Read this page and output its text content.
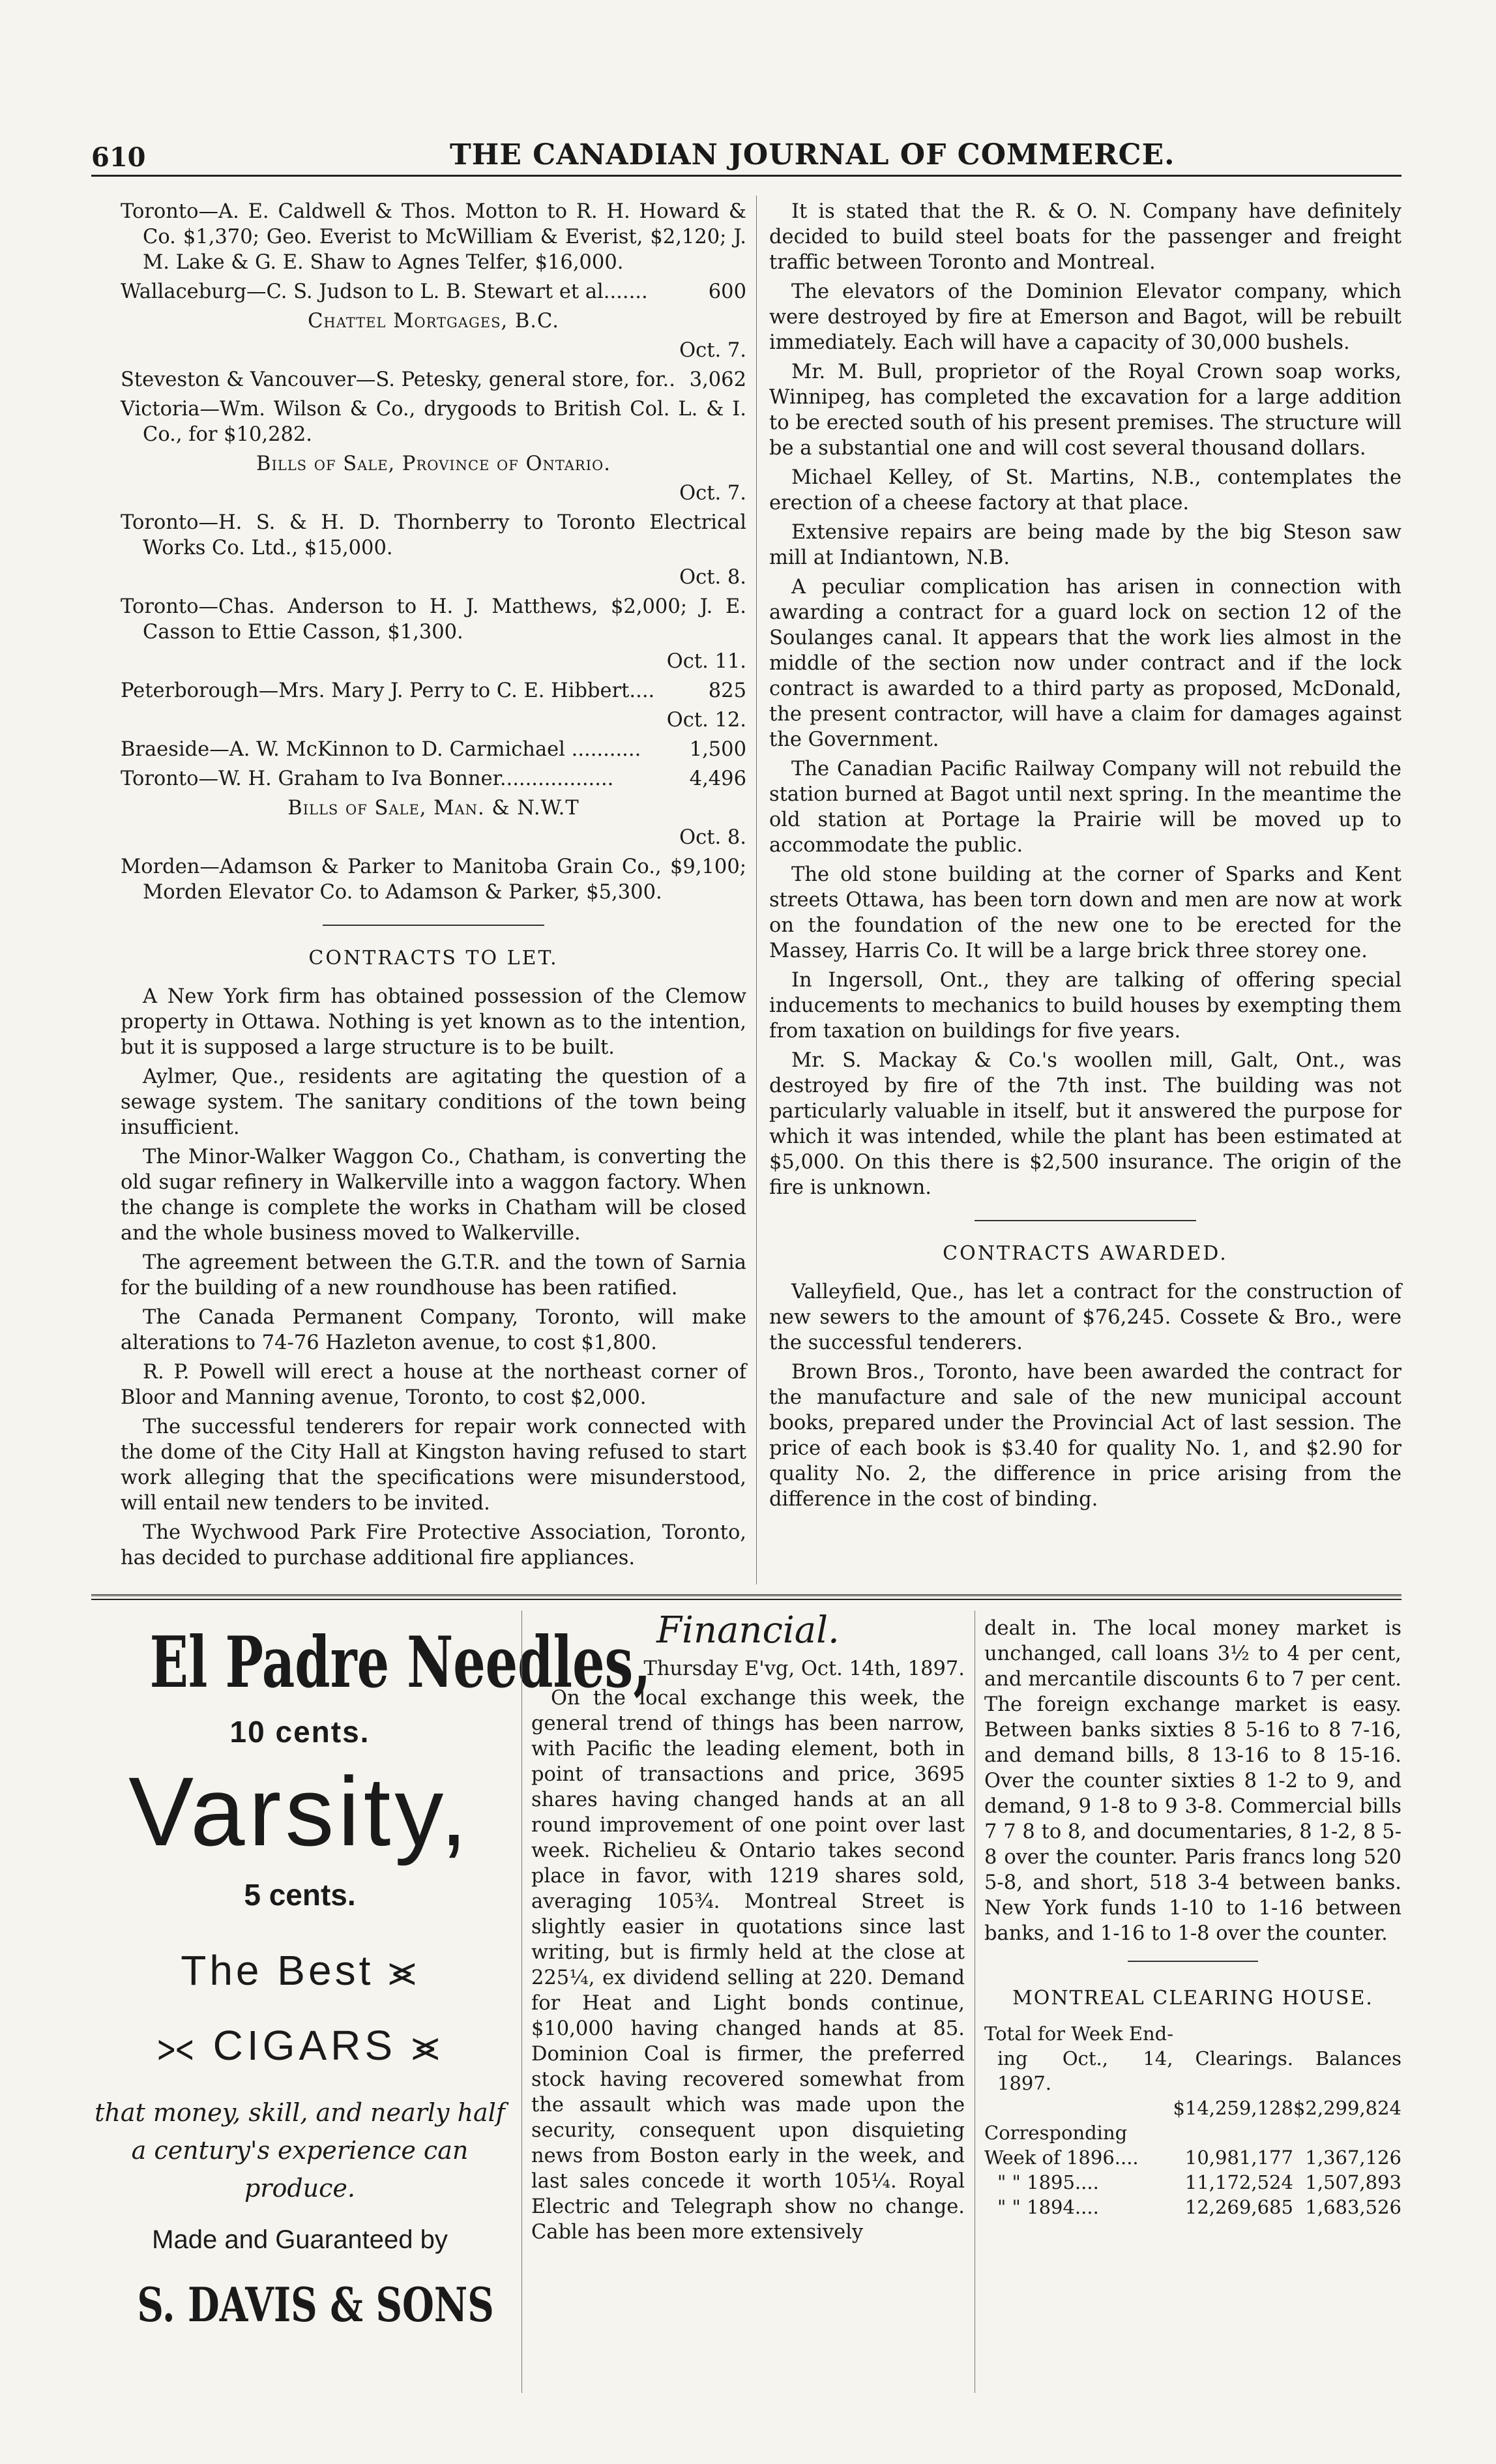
610	THE CANADIAN JOURNAL OF COMMERCE.

Toronto—A. E. Caldwell & Thos. Motton to R. H. Howard & Co. $1,370; Geo. Everist to McWilliam & Everist, $2,120; J. M. Lake & G. E. Shaw to Agnes Telfer, $16,000.

Wallaceburg—C. S. Judson to L. B. Stewart et al.......	600

Chattel Mortgages, B.C.

Oct. 7.

Steveston & Vancouver—S. Petesky, general store, for.. 3,062

Victoria—Wm. Wilson & Co., drygoods to British Col. L. & I. Co., for $10,282.

Bills of Sale, Province of Ontario.

Oct. 7.

Toronto—H. S. & H. D. Thornberry to Toronto Electrical Works Co. Ltd., $15,000.

Oct. 8.

Toronto—Chas. Anderson to H. J. Matthews, $2,000; J. E. Casson to Ettie Casson, $1,300.

Oct. 11.

Peterborough—Mrs. Mary J. Perry to C. E. Hibbert....	825

Oct. 12.

Braeside—A. W. McKinnon to D. Carmichael ...........	1,500

Toronto—W. H. Graham to Iva Bonner..................	4,496

Bills of Sale, Man. & N.W.T

Oct. 8.

Morden—Adamson & Parker to Manitoba Grain Co., $9,100; Morden Elevator Co. to Adamson & Parker, $5,300.

CONTRACTS TO LET.

A New York firm has obtained possession of the Clemow property in Ottawa. Nothing is yet known as to the intention, but it is supposed a large structure is to be built.

Aylmer, Que., residents are agitating the question of a sewage system. The sanitary conditions of the town being insufficient.

The Minor-Walker Waggon Co., Chatham, is converting the old sugar refinery in Walkerville into a waggon factory. When the change is complete the works in Chatham will be closed and the whole business moved to Walkerville.

The agreement between the G.T.R. and the town of Sarnia for the building of a new roundhouse has been ratified.

The Canada Permanent Company, Toronto, will make alterations to 74-76 Hazleton avenue, to cost $1,800.

R. P. Powell will erect a house at the northeast corner of Bloor and Manning avenue, Toronto, to cost $2,000.

The successful tenderers for repair work connected with the dome of the City Hall at Kingston having refused to start work alleging that the specifications were misunderstood, will entail new tenders to be invited.

The Wychwood Park Fire Protective Association, Toronto, has decided to purchase additional fire appliances.

It is stated that the R. & O. N. Company have definitely decided to build steel boats for the passenger and freight traffic between Toronto and Montreal.

The elevators of the Dominion Elevator company, which were destroyed by fire at Emerson and Bagot, will be rebuilt immediately. Each will have a capacity of 30,000 bushels.

Mr. M. Bull, proprietor of the Royal Crown soap works, Winnipeg, has completed the excavation for a large addition to be erected south of his present premises. The structure will be a substantial one and will cost several thousand dollars.

Michael Kelley, of St. Martins, N.B., contemplates the erection of a cheese factory at that place.

Extensive repairs are being made by the big Steson saw mill at Indiantown, N.B.

A peculiar complication has arisen in connection with awarding a contract for a guard lock on section 12 of the Soulanges canal. It appears that the work lies almost in the middle of the section now under contract and if the lock contract is awarded to a third party as proposed, McDonald, the present contractor, will have a claim for damages against the Government.

The Canadian Pacific Railway Company will not rebuild the station burned at Bagot until next spring. In the meantime the old station at Portage la Prairie will be moved up to accommodate the public.

The old stone building at the corner of Sparks and Kent streets Ottawa, has been torn down and men are now at work on the foundation of the new one to be erected for the Massey, Harris Co. It will be a large brick three storey one.

In Ingersoll, Ont., they are talking of offering special inducements to mechanics to build houses by exempting them from taxation on buildings for five years.

Mr. S. Mackay & Co.'s woollen mill, Galt, Ont., was destroyed by fire of the 7th inst. The building was not particularly valuable in itself, but it answered the purpose for which it was intended, while the plant has been estimated at $5,000. On this there is $2,500 insurance. The origin of the fire is unknown.

CONTRACTS AWARDED.

Valleyfield, Que., has let a contract for the construction of new sewers to the amount of $76,245. Cossete & Bro., were the successful tenderers.

Brown Bros., Toronto, have been awarded the contract for the manufacture and sale of the new municipal account books, prepared under the Provincial Act of last session. The price of each book is $3.40 for quality No. 1, and $2.90 for quality No. 2, the difference in price arising from the difference in the cost of binding.

El Padre Needles,
10 cents.
Varsity,
5 cents.
The Best ⪤
⪥ CIGARS ⪤
that money, skill, and nearly half a century's experience can produce.
Made and Guaranteed by
S. DAVIS & SONS
Financial.

Thursday E'vg, Oct. 14th, 1897.

On the local exchange this week, the general trend of things has been narrow, with Pacific the leading element, both in point of transactions and price, 3695 shares having changed hands at an all round improvement of one point over last week. Richelieu & Ontario takes second place in favor, with 1219 shares sold, averaging 105¾. Montreal Street is slightly easier in quotations since last writing, but is firmly held at the close at 225¼, ex dividend selling at 220. Demand for Heat and Light bonds continue, $10,000 having changed hands at 85. Dominion Coal is firmer, the preferred stock having recovered somewhat from the assault which was made upon the security, consequent upon disquieting news from Boston early in the week, and last sales concede it worth 105¼. Royal Electric and Telegraph show no change. Cable has been more extensively

dealt in. The local money market is unchanged, call loans 3½ to 4 per cent, and mercantile discounts 6 to 7 per cent. The foreign exchange market is easy. Between banks sixties 8 5-16 to 8 7-16, and demand bills, 8 13-16 to 8 15-16. Over the counter sixties 8 1-2 to 9, and demand, 9 1-8 to 9 3-8. Commercial bills 7 7 8 to 8, and documentaries, 8 1-2, 8 5-8 over the counter. Paris francs long 520 5-8, and short, 518 3-4 between banks. New York funds 1-10 to 1-16 between banks, and 1-16 to 1-8 over the counter.

MONTREAL CLEARING HOUSE.
Total for Week End-		
ing Oct., 14, 1897.	Clearings.	Balances
	$14,259,128	$2,299,824
Corresponding		
Week of 1896....	10,981,177	1,367,126
" " 1895....	11,172,524	1,507,893
" " 1894....	12,269,685	1,683,526
